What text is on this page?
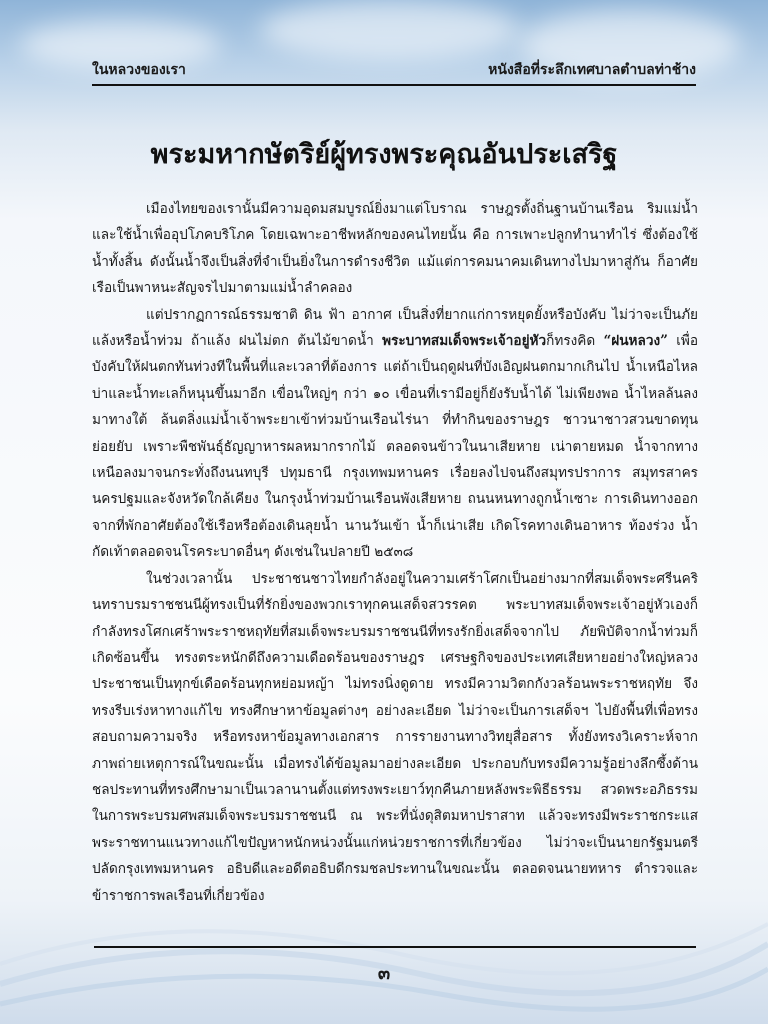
ในหลวงของเรา	หนังสือที่ระลึกเทศบาลตำบลท่าช้าง
พระมหากษัตริย์ผู้ทรงพระคุณอันประเสริฐ

เมืองไทยของเรานั้นมีความอุดมสมบูรณ์ยิ่งมาแต่โบราณ ราษฎรตั้งถิ่นฐานบ้านเรือน ริมแม่น้ำและใช้น้ำเพื่ออุปโภคบริโภค โดยเฉพาะอาชีพหลักของคนไทยนั้น คือ การเพาะปลูกทำนาทำไร่ ซึ่งต้องใช้น้ำทั้งสิ้น ดังนั้นน้ำจึงเป็นสิ่งที่จำเป็นยิ่งในการดำรงชีวิต แม้แต่การคมนาคมเดินทางไปมาหาสู่กัน ก็อาศัยเรือเป็นพาหนะสัญจรไปมาตามแม่น้ำลำคลอง

แต่ปรากฏการณ์ธรรมชาติ ดิน ฟ้า อากาศ เป็นสิ่งที่ยากแก่การหยุดยั้งหรือบังคับ ไม่ว่าจะเป็นภัยแล้งหรือน้ำท่วม ถ้าแล้ง ฝนไม่ตก ต้นไม้ขาดน้ำ พระบาทสมเด็จพระเจ้าอยู่หัวก็ทรงคิด “ฝนหลวง” เพื่อบังคับให้ฝนตกทันท่วงทีในพื้นที่และเวลาที่ต้องการ แต่ถ้าเป็นฤดูฝนที่บังเอิญฝนตกมากเกินไป น้ำเหนือไหลบ่าและน้ำทะเลก็หนุนขึ้นมาอีก เขื่อนใหญ่ๆ กว่า ๑๐ เขื่อนที่เรามีอยู่ก็ยังรับน้ำได้ ไม่เพียงพอ น้ำไหลล้นลงมาทางใต้ ล้นตลิ่งแม่น้ำเจ้าพระยาเข้าท่วมบ้านเรือนไร่นา ที่ทำกินของราษฎร ชาวนาชาวสวนขาดทุนย่อยยับ เพราะพืชพันธุ์ธัญญาหารผลหมากรากไม้ ตลอดจนข้าวในนาเสียหาย เน่าตายหมด น้ำจากทางเหนือลงมาจนกระทั่งถึงนนทบุรี ปทุมธานี กรุงเทพมหานคร เรื่อยลงไปจนถึงสมุทรปราการ สมุทรสาครนครปฐมและจังหวัดใกล้เคียง ในกรุงน้ำท่วมบ้านเรือนพังเสียหาย ถนนหนทางถูกน้ำเซาะ การเดินทางออกจากที่พักอาศัยต้องใช้เรือหรือต้องเดินลุยน้ำ นานวันเข้า น้ำก็เน่าเสีย เกิดโรคทางเดินอาหาร ท้องร่วง น้ำกัดเท้าตลอดจนโรคระบาดอื่นๆ ดังเช่นในปลายปี ๒๕๓๘

ในช่วงเวลานั้น ประชาชนชาวไทยกำลังอยู่ในความเศร้าโศกเป็นอย่างมากที่สมเด็จพระศรีนครินทราบรมราชชนนีผู้ทรงเป็นที่รักยิ่งของพวกเราทุกคนเสด็จสวรรคต พระบาทสมเด็จพระเจ้าอยู่หัวเองก็กำลังทรงโศกเศร้าพระราชหฤทัยที่สมเด็จพระบรมราชชนนีที่ทรงรักยิ่งเสด็จจากไป ภัยพิบัติจากน้ำท่วมก็เกิดซ้อนขึ้น ทรงตระหนักดีถึงความเดือดร้อนของราษฎร เศรษฐกิจของประเทศเสียหายอย่างใหญ่หลวง ประชาชนเป็นทุกข์เดือดร้อนทุกหย่อมหญ้า ไม่ทรงนิ่งดูดาย ทรงมีความวิตกกังวลร้อนพระราชหฤทัย จึงทรงรีบเร่งหาทางแก้ไข ทรงศึกษาหาข้อมูลต่างๆ อย่างละเอียด ไม่ว่าจะเป็นการเสด็จฯ ไปยังพื้นที่เพื่อทรงสอบถามความจริง หรือทรงหาข้อมูลทางเอกสาร การรายงานทางวิทยุสื่อสาร ทั้งยังทรงวิเคราะห์จากภาพถ่ายเหตุการณ์ในขณะนั้น เมื่อทรงได้ข้อมูลมาอย่างละเอียด ประกอบกับทรงมีความรู้อย่างลึกซึ้งด้านชลประทานที่ทรงศึกษามาเป็นเวลานานตั้งแต่ทรงพระเยาว์ทุกคืนภายหลังพระพิธีธรรม สวดพระอภิธรรมในการพระบรมศพสมเด็จพระบรมราชชนนี ณ พระที่นั่งดุสิตมหาปราสาท แล้วจะทรงมีพระราชกระแสพระราชทานแนวทางแก้ไขปัญหาหนักหน่วงนั้นแก่หน่วยราชการที่เกี่ยวข้อง ไม่ว่าจะเป็นนายกรัฐมนตรี ปลัดกรุงเทพมหานคร อธิบดีและอดีตอธิบดีกรมชลประทานในขณะนั้น ตลอดจนนายทหาร ตำรวจและข้าราชการพลเรือนที่เกี่ยวข้อง

๓
